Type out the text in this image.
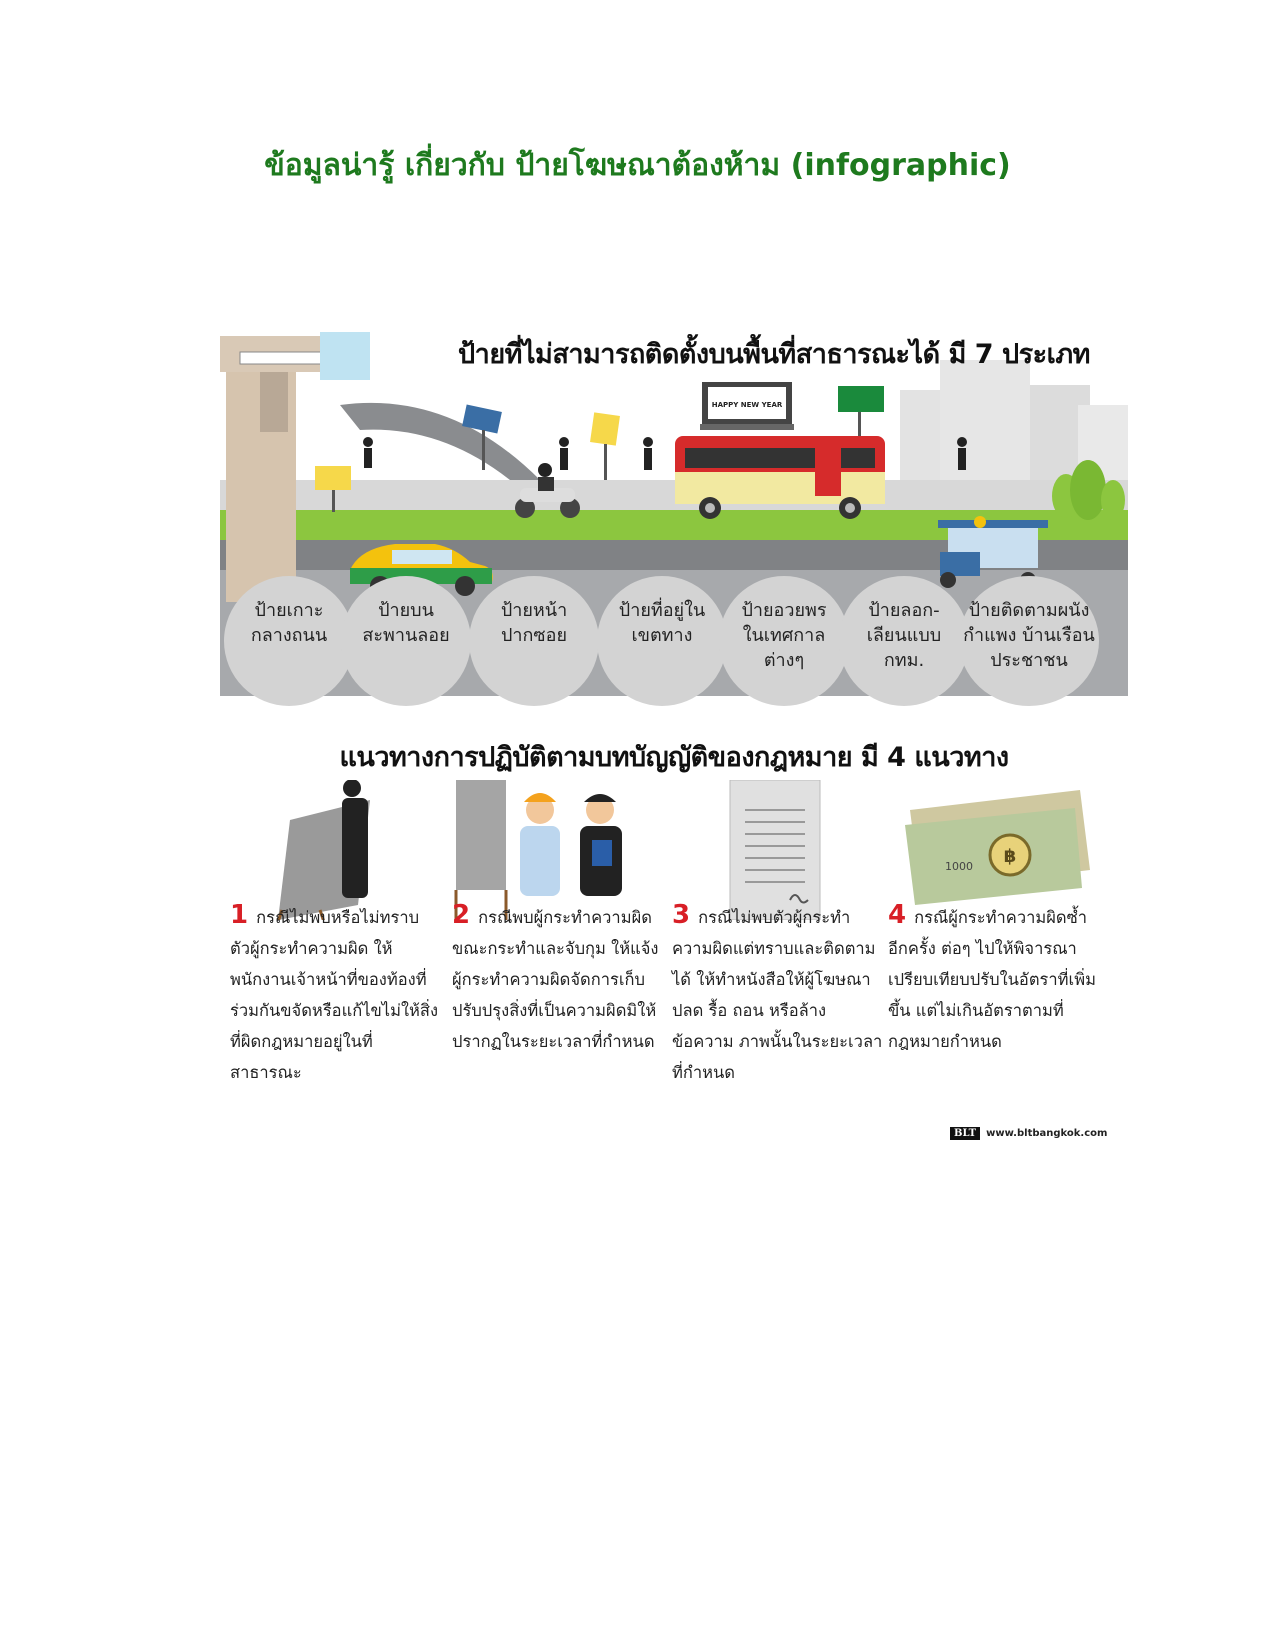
ข้อมูลน่ารู้ เกี่ยวกับ ป้ายโฆษณาต้องห้าม (infographic)
HAPPY NEW YEAR
ป้ายที่ไม่สามารถติดตั้งบนพื้นที่สาธารณะได้ มี 7 ประเภท
ป้ายเกาะ
กลางถนน
ป้ายบน
สะพานลอย
ป้ายหน้า
ปากซอย
ป้ายที่อยู่ใน
เขตทาง
ป้ายอวยพร
ในเทศกาล
ต่างๆ
ป้ายลอก-
เลียนแบบ
กทม.
ป้ายติดตามผนัง
กำแพง บ้านเรือน
ประชาชน
แนวทางการปฏิบัติตามบทบัญญัติของกฎหมาย มี 4 แนวทาง
฿
1000
1 กรณีไม่พบหรือไม่ทราบตัวผู้กระทำความผิด ให้พนักงานเจ้าหน้าที่ของท้องที่ร่วมกันขจัดหรือแก้ไขไม่ให้สิ่งที่ผิดกฎหมายอยู่ในที่สาธารณะ
2 กรณีพบผู้กระทำความผิดขณะกระทำและจับกุม ให้แจ้งผู้กระทำความผิดจัดการเก็บ ปรับปรุงสิ่งที่เป็นความผิดมิให้ปรากฏในระยะเวลาที่กำหนด
3 กรณีไม่พบตัวผู้กระทำความผิดแต่ทราบและติดตามได้ ให้ทำหนังสือให้ผู้โฆษณาปลด รื้อ ถอน หรือล้างข้อความ ภาพนั้นในระยะเวลาที่กำหนด
4 กรณีผู้กระทำความผิดซ้ำอีกครั้ง ต่อๆ ไปให้พิจารณาเปรียบเทียบปรับในอัตราที่เพิ่มขึ้น แต่ไม่เกินอัตราตามที่กฎหมายกำหนด
BLT	www.bltbangkok.com
